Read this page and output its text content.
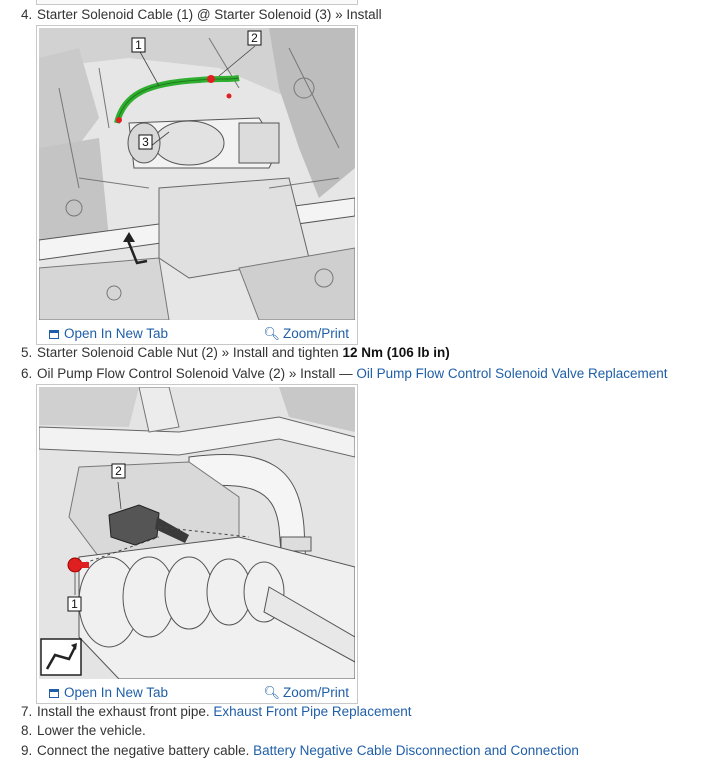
4. Starter Solenoid Cable (1) @ Starter Solenoid (3) » Install
1	2
3
Open In New Tab	🔍︎ Zoom/Print
5. Starter Solenoid Cable Nut (2) » Install and tighten 12 Nm (106 lb in)
6. Oil Pump Flow Control Solenoid Valve (2) » Install — Oil Pump Flow Control Solenoid Valve Replacement
2
1
Open In New Tab	🔍︎ Zoom/Print
7. Install the exhaust front pipe. Exhaust Front Pipe Replacement
8. Lower the vehicle.
9. Connect the negative battery cable. Battery Negative Cable Disconnection and Connection
